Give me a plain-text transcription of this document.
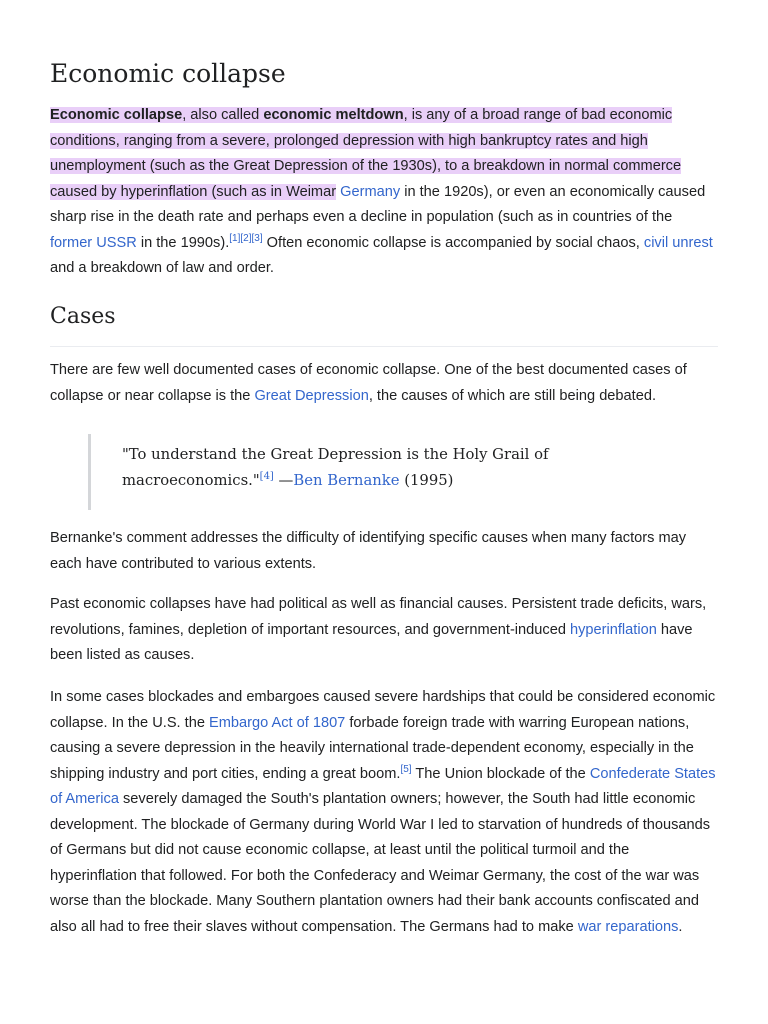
Economic collapse

Economic collapse, also called economic meltdown, is any of a broad range of bad economic conditions, ranging from a severe, prolonged depression with high bankruptcy rates and high unemployment (such as the Great Depression of the 1930s), to a breakdown in normal commerce caused by hyperinflation (such as in Weimar Germany in the 1920s), or even an economically caused sharp rise in the death rate and perhaps even a decline in population (such as in countries of the former USSR in the 1990s).[1][2][3] Often economic collapse is accompanied by social chaos, civil unrest and a breakdown of law and order.

Cases

There are few well documented cases of economic collapse. One of the best documented cases of collapse or near collapse is the Great Depression, the causes of which are still being debated.

"To understand the Great Depression is the Holy Grail of macroeconomics."[4] —Ben Bernanke (1995)

Bernanke's comment addresses the difficulty of identifying specific causes when many factors may each have contributed to various extents.

Past economic collapses have had political as well as financial causes. Persistent trade deficits, wars, revolutions, famines, depletion of important resources, and government-induced hyperinflation have been listed as causes.

In some cases blockades and embargoes caused severe hardships that could be considered economic collapse. In the U.S. the Embargo Act of 1807 forbade foreign trade with warring European nations, causing a severe depression in the heavily international trade-dependent economy, especially in the shipping industry and port cities, ending a great boom.[5] The Union blockade of the Confederate States of America severely damaged the South's plantation owners; however, the South had little economic development. The blockade of Germany during World War I led to starvation of hundreds of thousands of Germans but did not cause economic collapse, at least until the political turmoil and the hyperinflation that followed. For both the Confederacy and Weimar Germany, the cost of the war was worse than the blockade. Many Southern plantation owners had their bank accounts confiscated and also all had to free their slaves without compensation. The Germans had to make war reparations.
